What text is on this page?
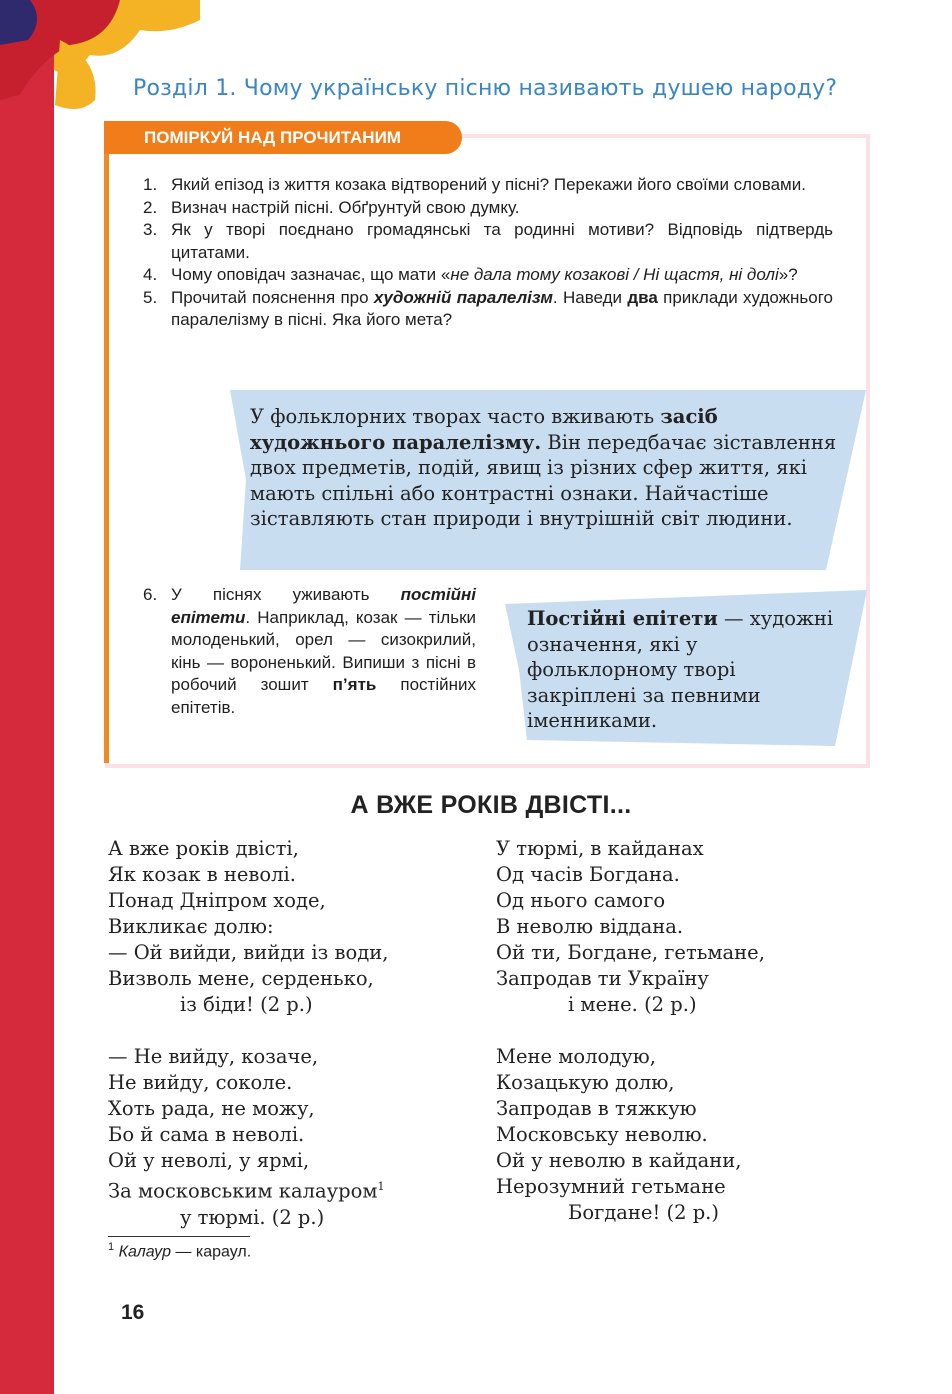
Розділ 1. Чому українську пісню називають душею народу?
ПОМІРКУЙ НАД ПРОЧИТАНИМ
1. Який епізод із життя козака відтворений у пісні? Перекажи його своїми словами.
2. Визнач настрій пісні. Обґрунтуй свою думку.
3. Як у творі поєднано громадянські та родинні мотиви? Відповідь підтвердь цитатами.
4. Чому оповідач зазначає, що мати «не дала тому козакові / Ні щастя, ні долі»?
5. Прочитай пояснення про художній паралелізм. Наведи два приклади художнього паралелізму в пісні. Яка його мета?
У фольклорних творах часто вживають засіб художнього паралелізму. Він передбачає зіставлення двох предметів, подій, явищ із різних сфер життя, які мають спільні або контрастні ознаки. Найчастіше зіставляють стан природи і внутрішній світ людини.
6. У піснях уживають постійні епітети. Наприклад, козак — тільки молоденький, орел — сизокрилий, кінь — вороненький. Випиши з пісні в робочий зошит п’ять постійних епітетів.
Постійні епітети — художні означення, які у фольклорному творі закріплені за певними іменниками.
А ВЖЕ РОКІВ ДВІСТІ...
А вже років двісті,
Як козак в неволі.
Понад Дніпром ходе,
Викликає долю:
— Ой вийди, вийди із води,
Визволь мене, серденько,
із біди! (2 р.)
— Не вийду, козаче,
Не вийду, соколе.
Хоть рада, не можу,
Бо й сама в неволі.
Ой у неволі, у ярмі,
За московським калауром$^1$
у тюрмі. (2 р.)
У тюрмі, в кайданах
Од часів Богдана.
Од нього самого
В неволю віддана.
Ой ти, Богдане, гетьмане,
Запродав ти Україну
і мене. (2 р.)
Мене молодую,
Козацькую долю,
Запродав в тяжкую
Московську неволю.
Ой у неволю в кайдани,
Нерозумний гетьмане
Богдане! (2 р.)
$^1$ Калаур — караул.
16
